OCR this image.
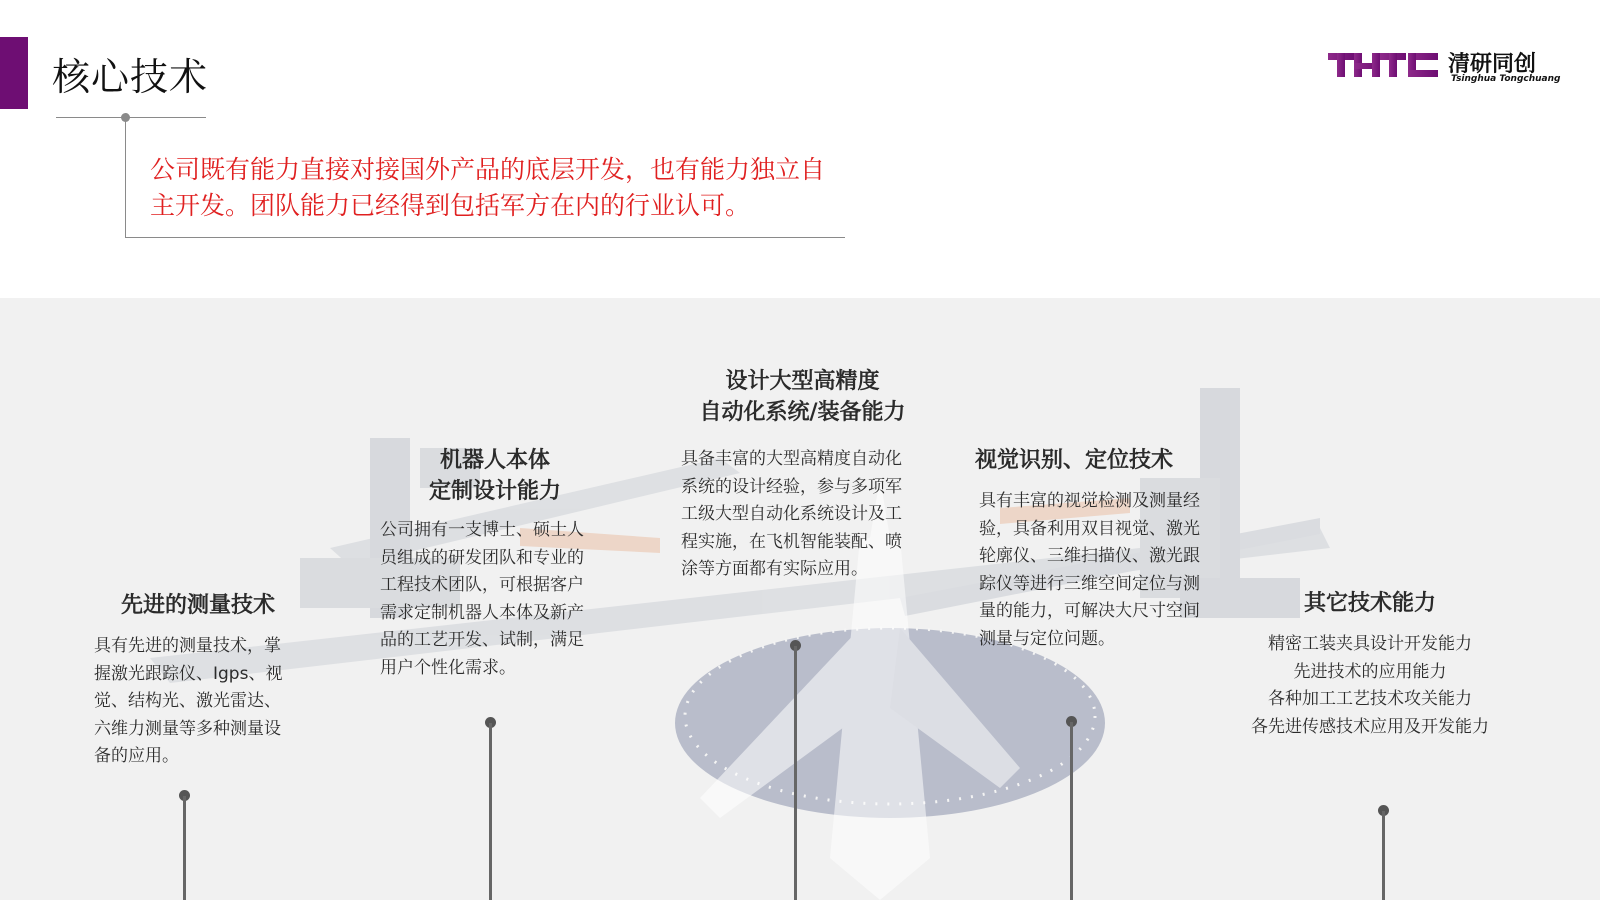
核心技术
公司既有能力直接对接国外产品的底层开发，也有能力独立自
主开发。团队能力已经得到包括军方在内的行业认可。
清研同创
Tsinghua Tongchuang
先进的测量技术
具有先进的测量技术，掌
握激光跟踪仪、Igps、视
觉、结构光、激光雷达、
六维力测量等多种测量设
备的应用。
机器人本体
定制设计能力
公司拥有一支博士、硕士人
员组成的研发团队和专业的
工程技术团队，可根据客户
需求定制机器人本体及新产
品的工艺开发、试制，满足
用户个性化需求。
设计大型高精度
自动化系统/装备能力
具备丰富的大型高精度自动化
系统的设计经验，参与多项军
工级大型自动化系统设计及工
程实施，在飞机智能装配、喷
涂等方面都有实际应用。
视觉识别、定位技术
具有丰富的视觉检测及测量经
验，具备利用双目视觉、激光
轮廓仪、三维扫描仪、激光跟
踪仪等进行三维空间定位与测
量的能力，可解决大尺寸空间
测量与定位问题。
其它技术能力
精密工装夹具设计开发能力
先进技术的应用能力
各种加工工艺技术攻关能力
各先进传感技术应用及开发能力
